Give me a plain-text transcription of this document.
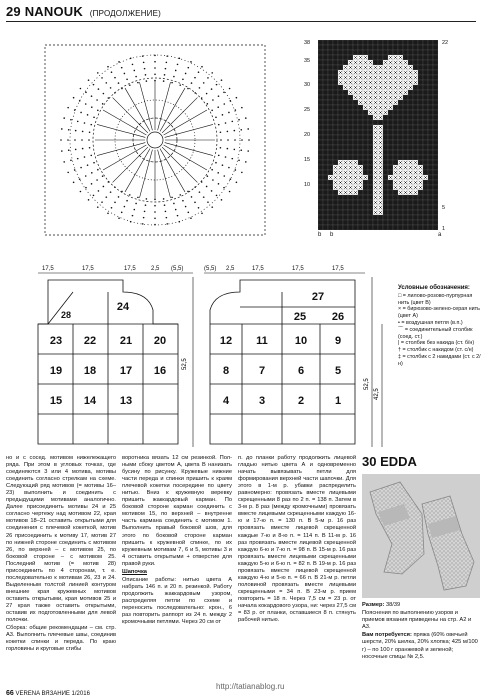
29 NANOUK (ПРОДОЛЖЕНИЕ)
38
35
30
25
20
15
10
5
1
22
b b	a
17,5	17,5	17,5	2,5 (5,5)
52,5
24
28
23 22 21 20
19 18 17 16
15 14 13
(5,5) 2,5	17,5	17,5	17,5
52,5
42,5
27
25 26
12 11 10	9
8	7	6	5
4	3	2	1
Условные обозначения:
□ = лилово-розово-пурпурная нить (цвет В)
× = бирюзово-зелено-серая нить (цвет А)
• = воздушная петля (в.п.)
⌒ = соединительный столбик (соед. ст.)
| = столбик без накида (ст. б/н)
† = столбик с накидом (ст. с/н)
‡ = столбик с 2 накидами (ст. с 2/н)

но и с сосед. мотивом нижележащего ряда. При этом в угловых точках, где соединяются 3 или 4 мотива, мотивы соединить согласно стрелкам на схеме. Следующий ряд мотивов (= мотивы 16–23) выполнить и соединить с предыдущими мотивами аналогично. Далее присоединить мотивы 24 и 25 согласно чертежу над мотивом 22, края мотивов 18–21 оставить открытыми для соединения с плечевой кокеткой, мотив 26 присоединить к мотиву 17, мотив 27 по нижней стороне соединить с мотивом 26, по верхней – с мотивом 25, по боковой стороне – с мотивом 25. Последний мотив (= мотив 28) присоединить по 4 сторонам, т. е. последовательно к мотивам 26, 23 и 24. Выделенным толстой линией контуром внешние края кружевных мотивов оставить открытыми, края мотивов 25 и 27 края также оставить открытыми, оставив их подготовленными для левой полочки.

Сборка: общие рекомендации – см. стр. А3. Выполнить плечевые швы, соединив кокетки спинки и переда. По краю горловины и круговые сгибы

воротника вязать 12 см резинкой. Пол-ными сбоку цветом А, цвета В нанизать бусину по рисунку. Кружевые нижние части переда и спинки пришить к краям плечевой кокетки посередине по цвету нитью. Вниз к кружевную веревку пришить жаккардовый карман. По боковой стороне карман соединить с мотивом 15, по верхней – внутренне часть кармана соединить с мотивом 1. Выполнить правый боковой шов, для этого по боковой стороне карман пришить к кружевной спинке, по их кружевным мотивам 7, 6 и 5, мотивы 3 и 4 оставить открытыми + отверстие для правой руки.

Шапочка

Описание работы: нитью цвета А набрать 146 п. и 20 п. резинкой. Работу продолжить жаккардовым узором, распределяя петли по схеме и переносить последовательно: крон., 6 раз повторить раппорт из 24 п. между 2 кромочными петлями. Через 20 см от

п. до планки работу продолжить лицевой гладью нитью цвета А и одновременно начать вывязывать петли для формирования верхней части шапочки. Для этого в 1-м р. убавки распределить равномерно: провязать вместе лицевыми скрещенными 8 раз по 2 п. = 138 п. Затем в 3-м р. 8 раз (между кромочными) провязать вместе лицевыми скрещенными каждую 16-ю и 17-ю п. = 130 п. В 5-м р. 16 раз провязать вместе лицевой скрещенной каждые 7-ю и 8-ю п. = 114 п. В 11-м р. 16 раз провязать вместе лицевой скрещенной каждую 6-ю и 7-ю п. = 98 п. В 15-м р. 16 раз провязать вместе лицевыми скрещенными каждую 5-ю и 6-ю п. = 82 п. В 19-м р. 16 раз провязать вместе лицевой скрещенной каждую 4-ю и 5-ю п. = 66 п. В 21-м р. петли половиной провязать вместе лицевыми скрещенными = 34 п. В 23-м р. прием повторить = 18 п. Через 7,5 см = 23 р. от начала кокардового узора, ни: через 27,5 см = 83 р. от планки, оставшиеся 8 п. стянуть рабочей нитью.

30 EDDA

Размер: 38/39

Пояснения по выполнению узоров и приемов вязания приведены на стр. А2 и А3.

Вам потребуется: пряжа (60% овечьей шерсти, 20% шелка, 20% хлопка; 425 м/100 г) – по 100 г оранжевой и зеленой; носочные спицы № 2,5.

66 VERENA ВЯЗАНИЕ 1/2016
http://tatianablog.ru
